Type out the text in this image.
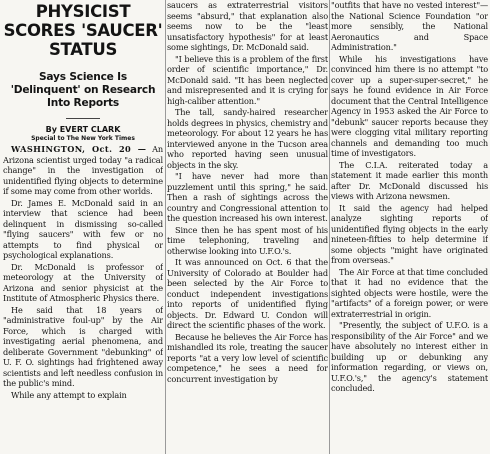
PHYSICIST SCORES 'SAUCER' STATUS

Says Science Is 'Delinquent' on Research Into Reports

By EVERT CLARK

Special to The New York Times

WASHINGTON, Oct. 20 — An Arizona scientist urged today "a radical change" in the investigation of unidentified flying objects to determine if some may come from other worlds.

Dr. James E. McDonald said in an interview that science had been delinquent in dismissing so-called "flying saucers" with few or no attempts to find physical or psychological explanations.

Dr. McDonald is professor of meteorology at the University of Arizona and senior physicist at the Institute of Atmospheric Physics there.

He said that 18 years of "administrative foul-up" by the Air Force, which is charged with investigating aerial phenomena, and deliberate Government "debunking" of U. F. O. sightings had frightened away scientists and left needless confusion in the public's mind.

While any attempt to explain

saucers as extraterrestrial visitors seems "absurd," that explanation also seems now to be the "least unsatisfactory hypothesis" for at least some sightings, Dr. McDonald said.

"I believe this is a problem of the first order of scientific importance," Dr. McDonald said. "It has been neglected and misrepresented and it is crying for high-caliber attention."

The tall, sandy-haired researcher holds degrees in physics, chemistry and meteorology. For about 12 years he has interviewed anyone in the Tucson area who reported having seen unusual objects in the sky.

"I have never had more than puzzlement until this spring," he said. Then a rash of sightings across the country and Congressional attention to the question increased his own interest.

Since then he has spent most of his time telephoning, traveling and otherwise looking into U.F.O.'s.

It was announced on Oct. 6 that the University of Colorado at Boulder had been selected by the Air Force to conduct independent investigations into reports of unidentified flying objects. Dr. Edward U. Condon will direct the scientific phases of the work.

Because he believes the Air Force has mishandled its role, treating the saucer reports "at a very low level of scientific competence," he sees a need for concurrent investigation by

"outfits that have no vested interest"—the National Science Foundation "or more sensibly, the National Aeronautics and Space Administration."

While his investigations have convinced him there is no attempt "to cover up a super-super-secret," he says he found evidence in Air Force document that the Central Intelligence Agency in 1953 asked the Air Force to "debunk" saucer reports because they were clogging vital military reporting channels and demanding too much time of investigators.

The C.I.A. reiterated today a statement it made earlier this month after Dr. McDonald discussed his views with Arizona newsmen.

It said the agency had helped analyze sighting reports of unidentified flying objects in the early nineteen-fifties to help determine if some objects "might have originated from overseas."

The Air Force at that time concluded that it had no evidence that the sighted objects were hostile, were the "artifacts" of a foreign power, or were extraterrestrial in origin.

"Presently, the subject of U.F.O. is a responsibility of the Air Force" and we have absolutely no interest either in building up or debunking any information regarding, or views on, U.F.O.'s," the agency's statement concluded.
